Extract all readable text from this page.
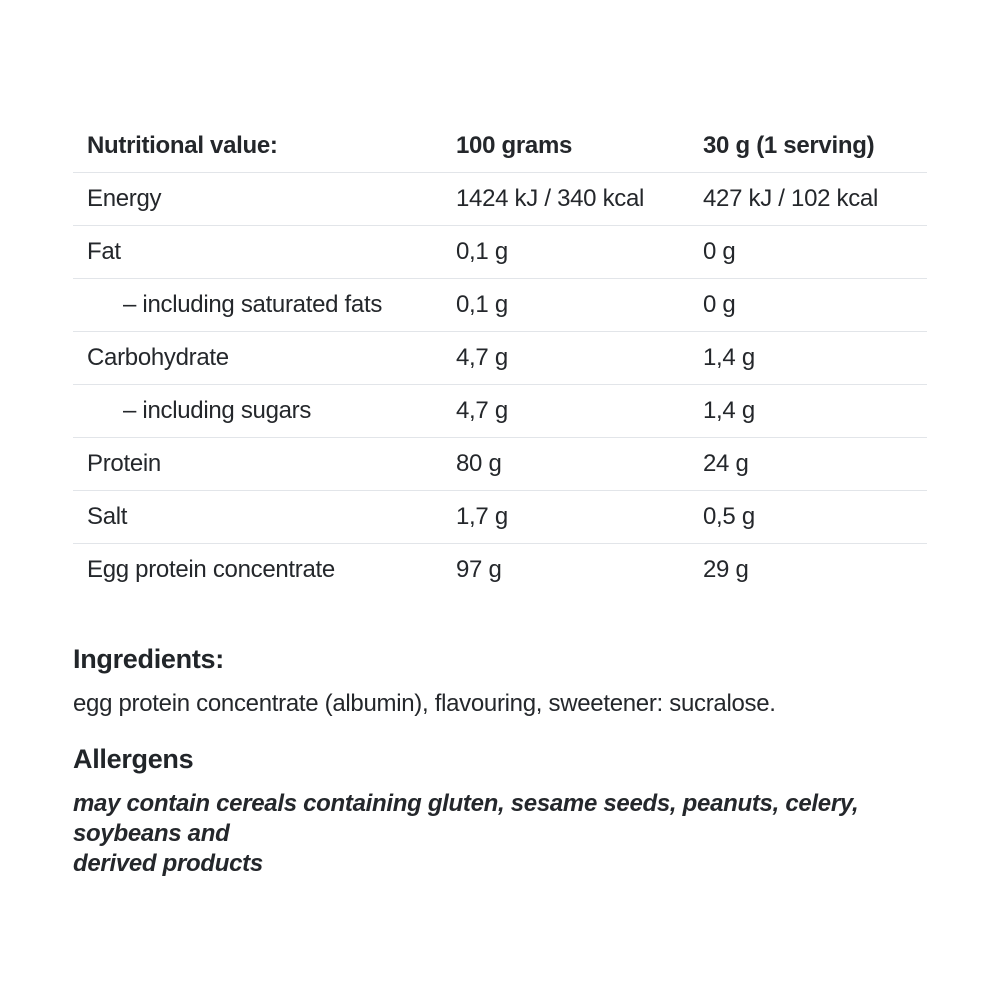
Nutritional value:	100 grams	30 g (1 serving)
Energy	1424 kJ / 340 kcal	427 kJ / 102 kcal
Fat	0,1 g	0 g
– including saturated fats	0,1 g	0 g
Carbohydrate	4,7 g	1,4 g
– including sugars	4,7 g	1,4 g
Protein	80 g	24 g
Salt	1,7 g	0,5 g
Egg protein concentrate	97 g	29 g
Ingredients:

egg protein concentrate (albumin), flavouring, sweetener: sucralose.

Allergens

may contain cereals containing gluten, sesame seeds, peanuts, celery, soybeans and
derived products
